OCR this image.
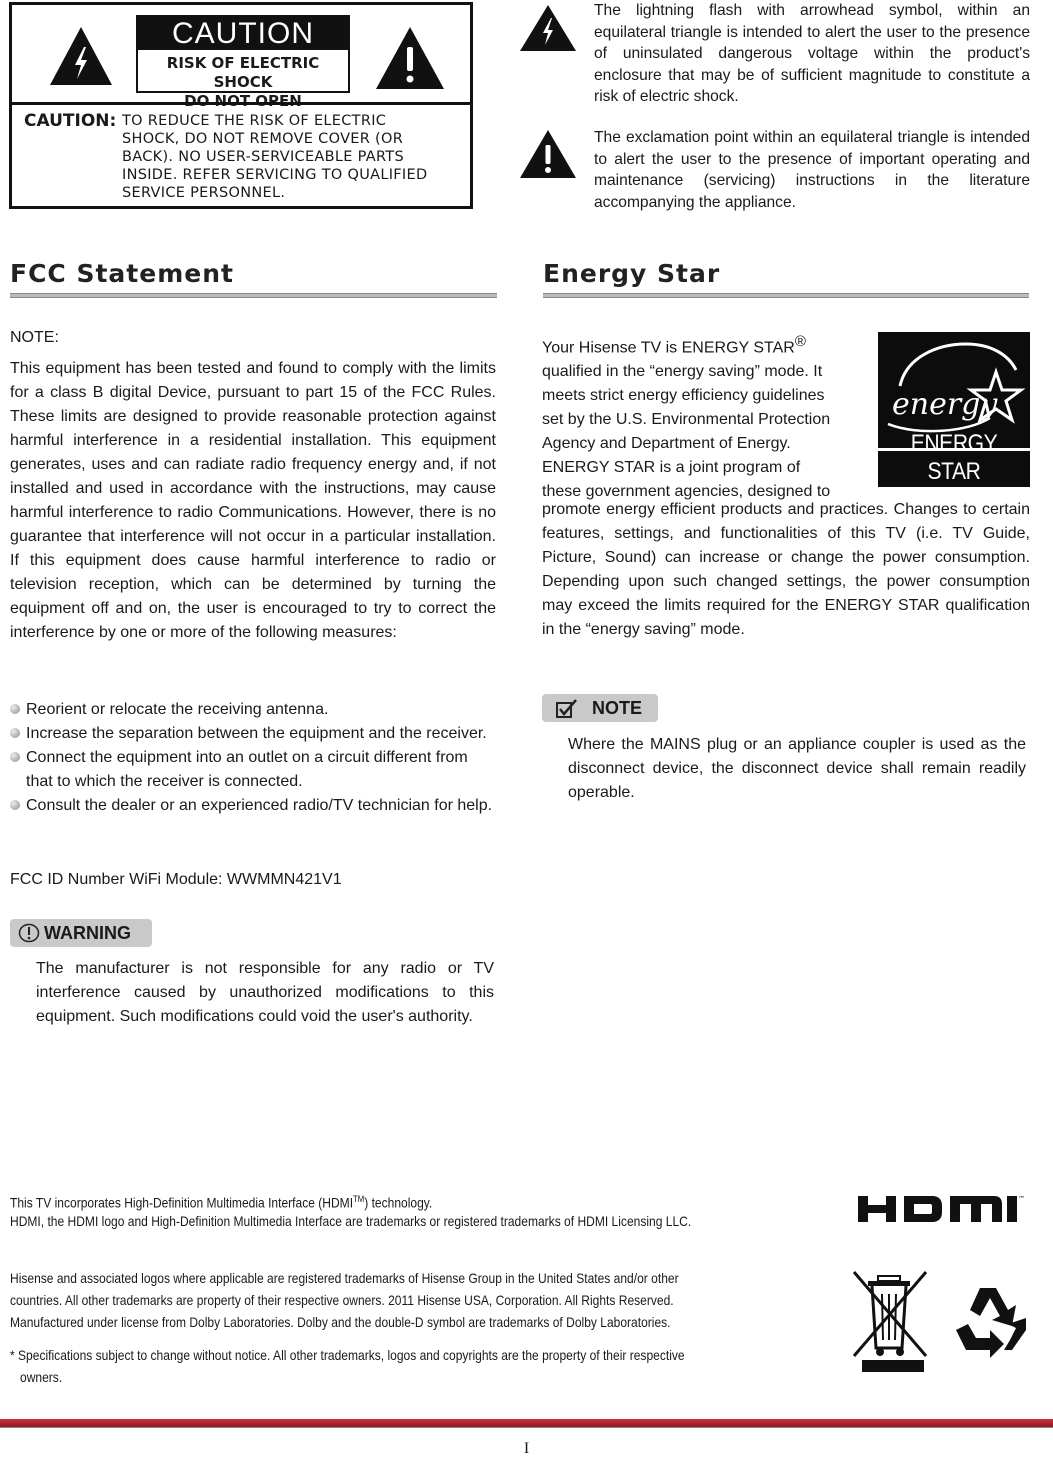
CAUTION
RISK OF ELECTRIC SHOCK
DO NOT OPEN
CAUTION: TO REDUCE THE RISK OF ELECTRIC
SHOCK, DO NOT REMOVE COVER (OR
BACK). NO USER-SERVICEABLE PARTS
INSIDE. REFER SERVICING TO QUALIFIED
SERVICE PERSONNEL.
The lightning flash with arrowhead symbol, within an equilateral triangle is intended to alert the user to the presence of uninsulated dangerous voltage within the product's enclosure that may be of sufficient magnitude to constitute a risk of electric shock.
The exclamation point within an equilateral triangle is intended to alert the user to the presence of important operating and maintenance (servicing) instructions in the literature accompanying the appliance.
FCC Statement
NOTE:
This equipment has been tested and found to comply with the limits for a class B digital Device, pursuant to part 15 of the FCC Rules. These limits are designed to provide reasonable protection against harmful interference in a residential installation. This equipment generates, uses and can radiate radio frequency energy and, if not installed and used in accordance with the instructions, may cause harmful interference to radio Communications. However, there is no guarantee that interference will not occur in a particular installation. If this equipment does cause harmful interference to radio or television reception, which can be determined by turning the equipment off and on, the user is encouraged to try to correct the interference by one or more of the following measures:
Reorient or relocate the receiving antenna.
Increase the separation between the equipment and the receiver.
Connect the equipment into an outlet on a circuit different from that to which the receiver is connected.
Consult the dealer or an experienced radio/TV technician for help.
FCC ID Number WiFi Module: WWMMN421V1
WARNING
The manufacturer is not responsible for any radio or TV interference caused by unauthorized modifications to this equipment. Such modifications could void the user's authority.
Energy Star
Your Hisense TV is ENERGY STAR®
qualified in the “energy saving” mode. It
meets strict energy efficiency guidelines
set by the U.S. Environmental Protection
Agency and Department of Energy.
ENERGY STAR is a joint program of
these government agencies, designed to
energy
ENERGY STAR
promote energy efficient products and practices. Changes to certain features, settings, and functionalities of this TV (i.e. TV Guide, Picture, Sound) can increase or change the power consumption. Depending upon such changed settings, the power consumption may exceed the limits required for the ENERGY STAR qualification in the “energy saving” mode.
NOTE
Where the MAINS plug or an appliance coupler is used as the disconnect device, the disconnect device shall remain readily operable.
This TV incorporates High-Definition Multimedia Interface (HDMI™) technology.
HDMI, the HDMI logo and High-Definition Multimedia Interface are trademarks or registered trademarks of HDMI Licensing LLC.
™
Hisense and associated logos where applicable are registered trademarks of Hisense Group in the United States and/or other
countries. All other trademarks are property of their respective owners. 2011 Hisense USA, Corporation. All Rights Reserved.
Manufactured under license from Dolby Laboratories. Dolby and the double-D symbol are trademarks of Dolby Laboratories.
* Specifications subject to change without notice. All other trademarks, logos and copyrights are the property of their respective
owners.
I
